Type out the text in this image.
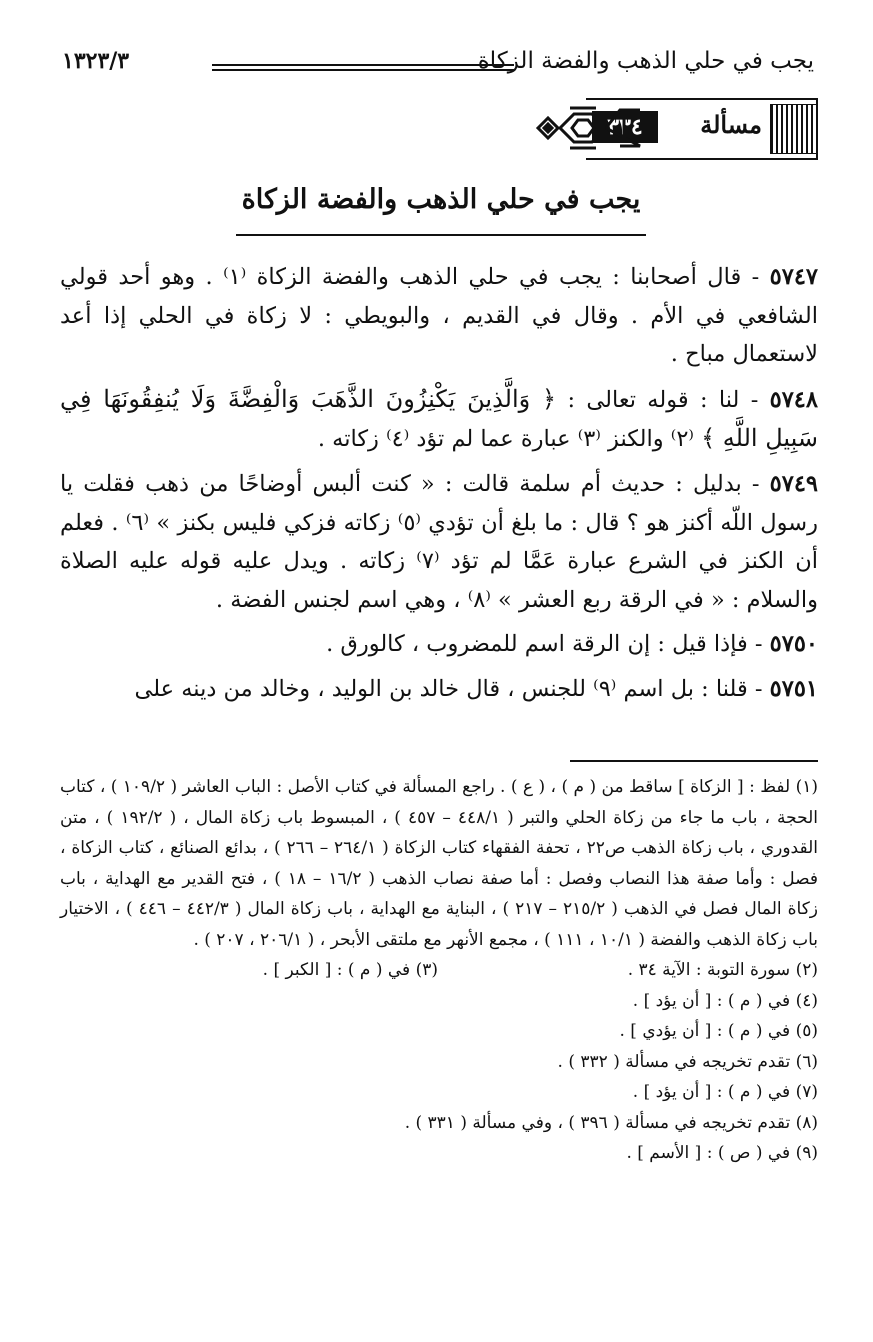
يجب في حلي الذهب والفضة الزكاة
١٣٢٣/٣
مسألة
٣٣٤
يجب في حلي الذهب والفضة الزكاة

٥٧٤٧ - قال أصحابنا : يجب في حلي الذهب والفضة الزكاة ⁽١⁾ . وهو أحد قولي الشافعي في الأم . وقال في القديم ، والبويطي : لا زكاة في الحلي إذا أعد لاستعمال مباح .

٥٧٤٨ - لنا : قوله تعالى : ﴿ وَالَّذِينَ يَكْنِزُونَ الذَّهَبَ وَالْفِضَّةَ وَلَا يُنفِقُونَهَا فِي سَبِيلِ اللَّهِ ﴾ ⁽٢⁾ والكنز ⁽٣⁾ عبارة عما لم تؤد ⁽٤⁾ زكاته .

٥٧٤٩ - بدليل : حديث أم سلمة قالت : « كنت ألبس أوضاحًا من ذهب فقلت يا رسول اللّه أكنز هو ؟ قال : ما بلغ أن تؤدي ⁽٥⁾ زكاته فزكي فليس بكنز » ⁽٦⁾ . فعلم أن الكنز في الشرع عبارة عَمَّا لم تؤد ⁽٧⁾ زكاته . ويدل عليه قوله عليه الصلاة والسلام : « في الرقة ربع العشر » ⁽٨⁾ ، وهي اسم لجنس الفضة .

٥٧٥٠ - فإذا قيل : إن الرقة اسم للمضروب ، كالورق .

٥٧٥١ - قلنا : بل اسم ⁽٩⁾ للجنس ، قال خالد بن الوليد ، وخالد من دينه على

(١) لفظ : [ الزكاة ] ساقط من ( م ) ، ( ع ) . راجع المسألة في كتاب الأصل : الباب العاشر ( ١٠٩/٢ ) ، كتاب الحجة ، باب ما جاء من زكاة الحلي والتبر ( ٤٤٨/١ – ٤٥٧ ) ، المبسوط باب زكاة المال ، ( ١٩٢/٢ ) ، متن القدوري ، باب زكاة الذهب ص٢٢ ، تحفة الفقهاء كتاب الزكاة ( ٢٦٤/١ – ٢٦٦ ) ، بدائع الصنائع ، كتاب الزكاة ، فصل : وأما صفة هذا النصاب وفصل : أما صفة نصاب الذهب ( ١٦/٢ – ١٨ ) ، فتح القدير مع الهداية ، باب زكاة المال فصل في الذهب ( ٢١٥/٢ – ٢١٧ ) ، البناية مع الهداية ، باب زكاة المال ( ٤٤٢/٣ – ٤٤٦ ) ، الاختيار باب زكاة الذهب والفضة ( ١٠/١ ، ١١١ ) ، مجمع الأنهر مع ملتقى الأبحر ، ( ٢٠٦/١ ، ٢٠٧ ) .

(٢) سورة التوبة : الآية ٣٤ .

(٣) في ( م ) : [ الكبر ] .

(٤) في ( م ) : [ أن يؤد ] .

(٥) في ( م ) : [ أن يؤدي ] .

(٦) تقدم تخريجه في مسألة ( ٣٣٢ ) .

(٧) في ( م ) : [ أن يؤد ] .

(٨) تقدم تخريجه في مسألة ( ٣٩٦ ) ، وفي مسألة ( ٣٣١ ) .

(٩) في ( ص ) : [ الأسم ] .
